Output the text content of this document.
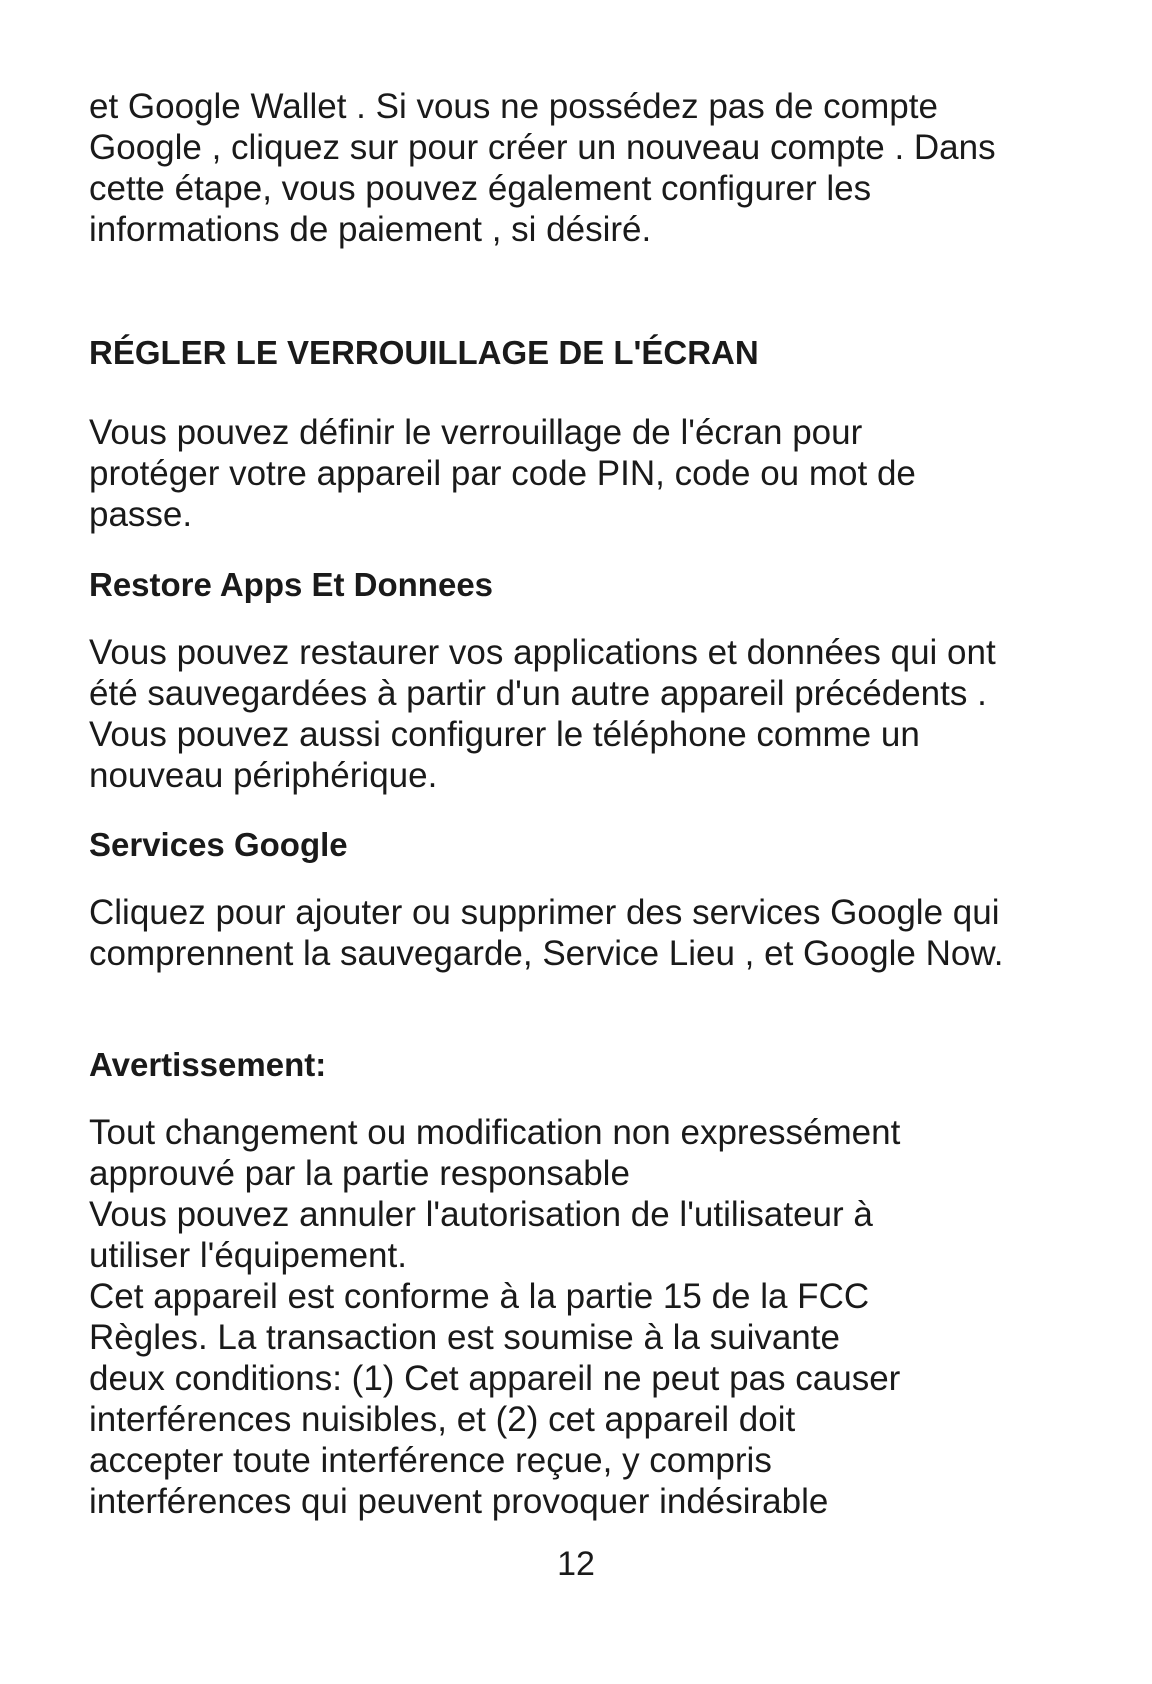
et Google Wallet . Si vous ne possédez pas de compte
Google , cliquez sur pour créer un nouveau compte . Dans
cette étape, vous pouvez également configurer les
informations de paiement , si désiré.
RÉGLER LE VERROUILLAGE DE L'ÉCRAN
Vous pouvez définir le verrouillage de l'écran pour
protéger votre appareil par code PIN, code ou mot de
passe.
Restore Apps Et Donnees
Vous pouvez restaurer vos applications et données qui ont
été sauvegardées à partir d'un autre appareil précédents .
Vous pouvez aussi configurer le téléphone comme un
nouveau périphérique.
Services Google
Cliquez pour ajouter ou supprimer des services Google qui
comprennent la sauvegarde, Service Lieu , et Google Now.
Avertissement:
Tout changement ou modification non expressément
approuvé par la partie responsable
Vous pouvez annuler l'autorisation de l'utilisateur à
utiliser l'équipement.
Cet appareil est conforme à la partie 15 de la FCC
Règles. La transaction est soumise à la suivante
deux conditions: (1) Cet appareil ne peut pas causer
interférences nuisibles, et (2) cet appareil doit
accepter toute interférence reçue, y compris
interférences qui peuvent provoquer indésirable
12
